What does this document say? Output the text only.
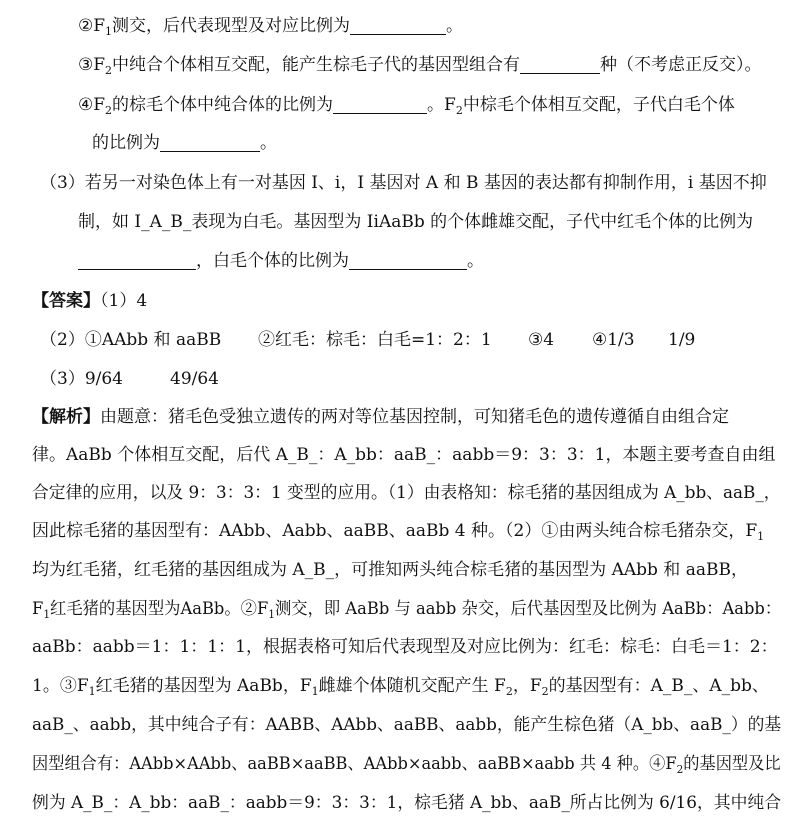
$②F_1$测交，后代表现型及对应比例为	。
$③F_2$中纯合个体相互交配，能产生棕毛子代的基因型组合有	种（不考虑正反交）。
$④F_2$的棕毛个体中纯合体的比例为	。$F_2$中棕毛个体相互交配，子代白毛个体
的比例为	。
（3）若另一对染色体上有一对基因 I、i，I 基因对 A 和 B 基因的表达都有抑制作用，i 基因不抑
制，如 I_A_B_表现为白毛。基因型为 IiAaBb 的个体雌雄交配，子代中红毛个体的比例为
，白毛个体的比例为	。
【答案】（1）4
（2）①AAbb 和 aaBB ②红毛：棕毛：白毛=1：2：1 ③4 ④1/3 1/9
（3）9/64	49/64
【解析】由题意：猪毛色受独立遗传的两对等位基因控制，可知猪毛色的遗传遵循自由组合定
律。AaBb 个体相互交配，后代 A_B_：A_bb：aaB_：aabb＝9：3：3：1，本题主要考查自由组
合定律的应用，以及 9：3：3：1 变型的应用。（1）由表格知：棕毛猪的基因组成为 A_bb、aaB_，
因此棕毛猪的基因型有：AAbb、Aabb、aaBB、aaBb 4 种。（2）①由两头纯合棕毛猪杂交，$F_1$
均为红毛猪，红毛猪的基因组成为 A_B_，可推知两头纯合棕毛猪的基因型为 AAbb 和 aaBB，
$F_1$红毛猪的基因型为AaBb。$②F_1$测交，即 AaBb 与 aabb 杂交，后代基因型及比例为 AaBb：Aabb：
aaBb：aabb＝1：1：1：1，根据表格可知后代表现型及对应比例为：红毛：棕毛：白毛＝1：2：
1。$③F_1$红毛猪的基因型为 AaBb，$F_1$雌雄个体随机交配产生 $F_2$，$F_2$的基因型有：A_B_、A_bb、
aaB_、aabb，其中纯合子有：AABB、AAbb、aaBB、aabb，能产生棕色猪（A_bb、aaB_）的基
因型组合有：AAbb×AAbb、aaBB×aaBB、AAbb×aabb、aaBB×aabb 共 4 种。$④F_2$的基因型及比
例为 A_B_：A_bb：aaB_：aabb＝9：3：3：1，棕毛猪 A_bb、aaB_所占比例为 6/16，其中纯合
